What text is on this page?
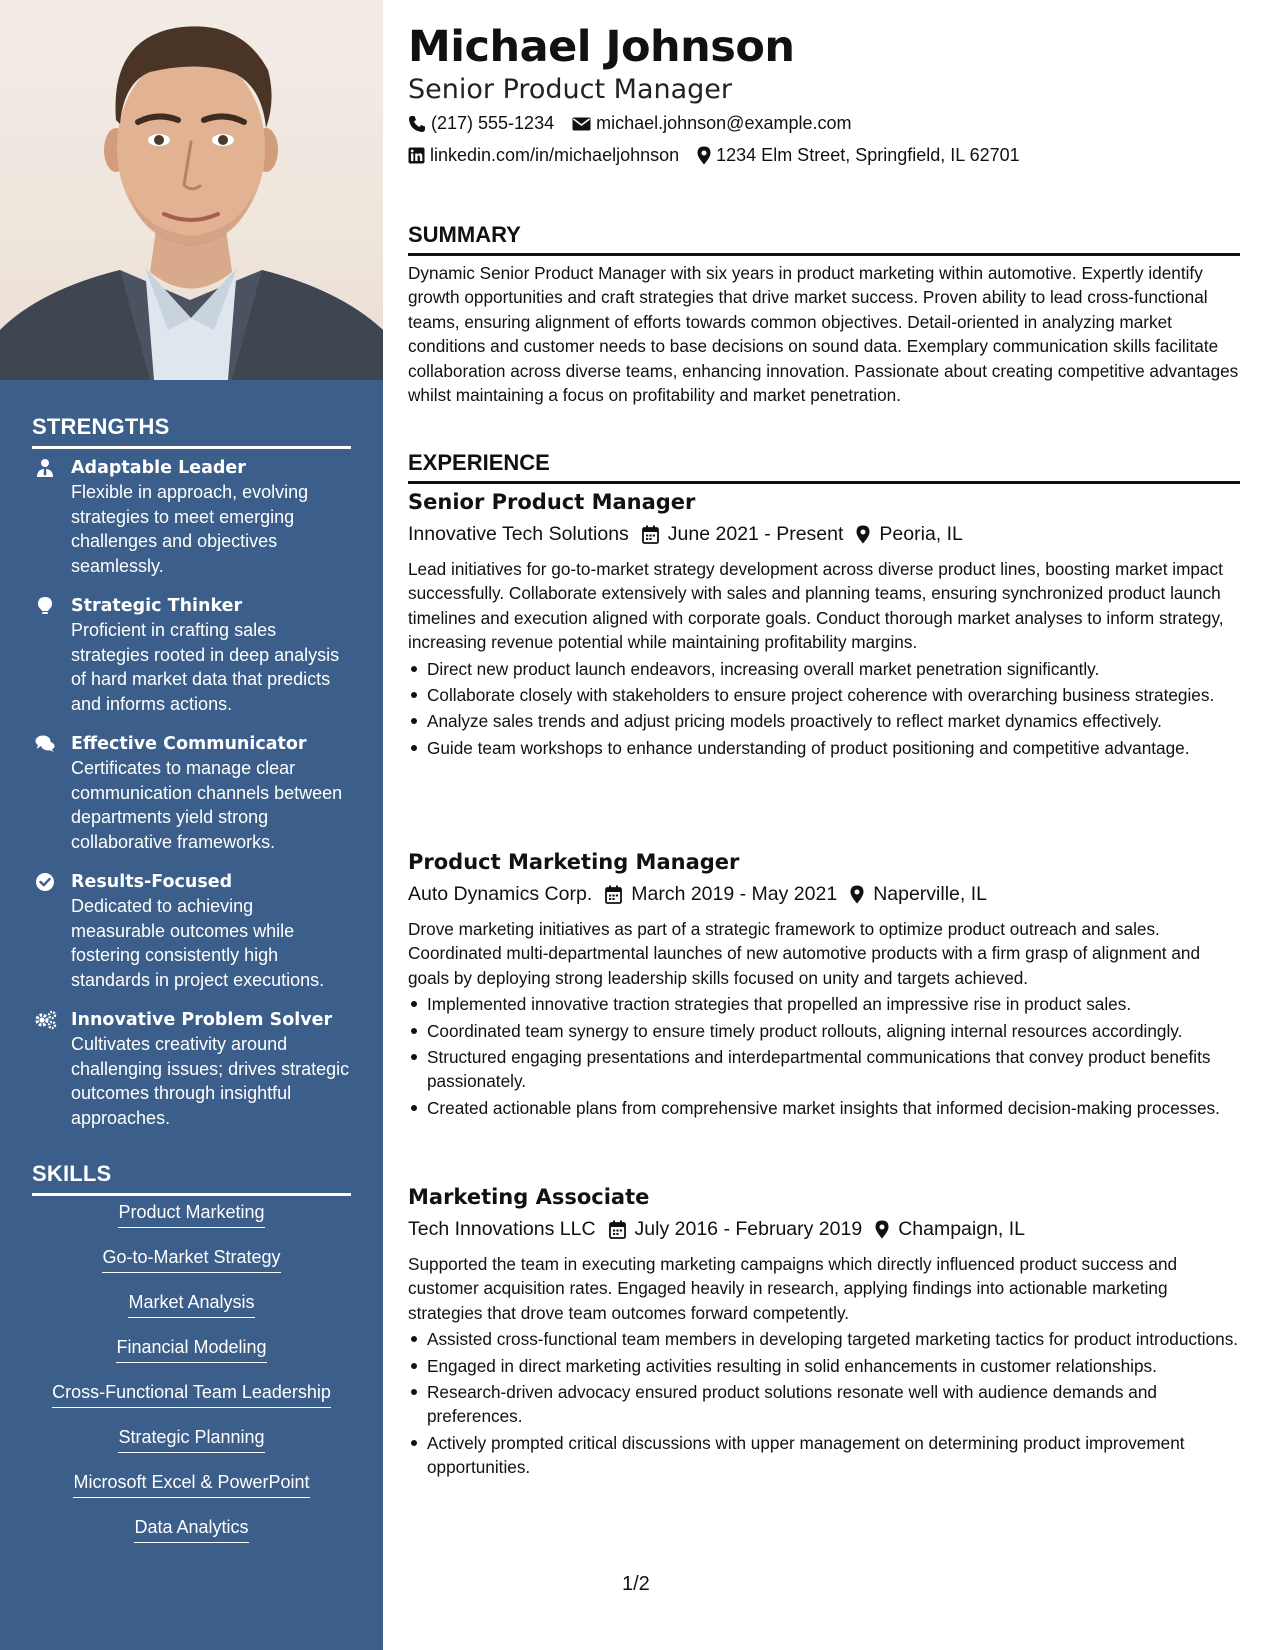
STRENGTHS
Adaptable Leader
Flexible in approach, evolving strategies to meet emerging challenges and objectives seamlessly.
Strategic Thinker
Proficient in crafting sales strategies rooted in deep analysis of hard market data that predicts and informs actions.
Effective Communicator
Certificates to manage clear communication channels between departments yield strong collaborative frameworks.
Results-Focused
Dedicated to achieving measurable outcomes while fostering consistently high standards in project executions.
Innovative Problem Solver
Cultivates creativity around challenging issues; drives strategic outcomes through insightful approaches.
SKILLS
Product Marketing
Go-to-Market Strategy
Market Analysis
Financial Modeling
Cross-Functional Team Leadership
Strategic Planning
Microsoft Excel & PowerPoint
Data Analytics
Michael Johnson
Senior Product Manager
(217) 555-1234 michael.johnson@example.com
linkedin.com/in/michaeljohnson 1234 Elm Street, Springfield, IL 62701
SUMMARY

Dynamic Senior Product Manager with six years in product marketing within automotive. Expertly identify growth opportunities and craft strategies that drive market success. Proven ability to lead cross-functional teams, ensuring alignment of efforts towards common objectives. Detail-oriented in analyzing market conditions and customer needs to base decisions on sound data. Exemplary communication skills facilitate collaboration across diverse teams, enhancing innovation. Passionate about creating competitive advantages whilst maintaining a focus on profitability and market penetration.

EXPERIENCE
Senior Product Manager
Innovative Tech Solutions June 2021 - Present Peoria, IL

Lead initiatives for go-to-market strategy development across diverse product lines, boosting market impact successfully. Collaborate extensively with sales and planning teams, ensuring synchronized product launch timelines and execution aligned with corporate goals. Conduct thorough market analyses to inform strategy, increasing revenue potential while maintaining profitability margins.

Direct new product launch endeavors, increasing overall market penetration significantly.
Collaborate closely with stakeholders to ensure project coherence with overarching business strategies.
Analyze sales trends and adjust pricing models proactively to reflect market dynamics effectively.
Guide team workshops to enhance understanding of product positioning and competitive advantage.
Product Marketing Manager
Auto Dynamics Corp. March 2019 - May 2021 Naperville, IL

Drove marketing initiatives as part of a strategic framework to optimize product outreach and sales. Coordinated multi-departmental launches of new automotive products with a firm grasp of alignment and goals by deploying strong leadership skills focused on unity and targets achieved.

Implemented innovative traction strategies that propelled an impressive rise in product sales.
Coordinated team synergy to ensure timely product rollouts, aligning internal resources accordingly.
Structured engaging presentations and interdepartmental communications that convey product benefits passionately.
Created actionable plans from comprehensive market insights that informed decision-making processes.
Marketing Associate
Tech Innovations LLC July 2016 - February 2019 Champaign, IL

Supported the team in executing marketing campaigns which directly influenced product success and customer acquisition rates. Engaged heavily in research, applying findings into actionable marketing strategies that drove team outcomes forward competently.

Assisted cross-functional team members in developing targeted marketing tactics for product introductions.
Engaged in direct marketing activities resulting in solid enhancements in customer relationships.
Research-driven advocacy ensured product solutions resonate well with audience demands and preferences.
Actively prompted critical discussions with upper management on determining product improvement opportunities.
1/2
